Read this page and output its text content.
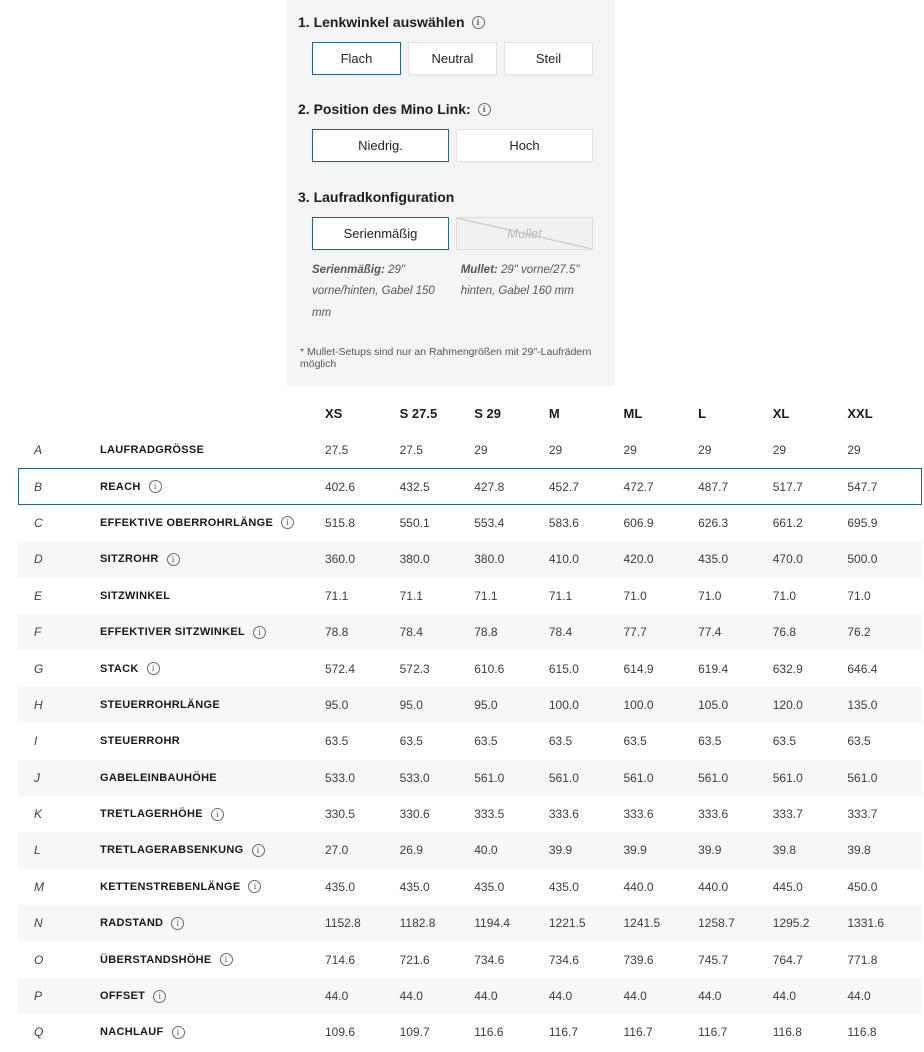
1. Lenkwinkel auswählen
i
Flach	Neutral	Steil
2. Position des Mino Link:
i
Niedrig.	Hoch
3. Laufradkonfiguration
Serienmäßig	Mullet
Serienmäßig: 29" vorne/hinten, Gabel 150 mm
Mullet: 29" vorne/27.5" hinten, Gabel 160 mm
* Mullet-Setups sind nur an Rahmengrößen mit 29"-Laufrädern möglich
XS	S 27.5	S 29	M	ML	L	XL	XXL
A	LAUFRADGRÖSSE	27.5	27.5	29	29	29	29	29	29
B	REACH i	402.6	432.5	427.8	452.7	472.7	487.7	517.7	547.7
C	EFFEKTIVE OBERROHRLÄNGE i	515.8	550.1	553.4	583.6	606.9	626.3	661.2	695.9
D	SITZROHR i	360.0	380.0	380.0	410.0	420.0	435.0	470.0	500.0
E	SITZWINKEL	71.1	71.1	71.1	71.1	71.0	71.0	71.0	71.0
F	EFFEKTIVER SITZWINKEL i	78.8	78.4	78.8	78.4	77.7	77.4	76.8	76.2
G	STACK i	572.4	572.3	610.6	615.0	614.9	619.4	632.9	646.4
H	STEUERROHRLÄNGE	95.0	95.0	95.0	100.0	100.0	105.0	120.0	135.0
I	STEUERROHR	63.5	63.5	63.5	63.5	63.5	63.5	63.5	63.5
J	GABELEINBAUHÖHE	533.0	533.0	561.0	561.0	561.0	561.0	561.0	561.0
K	TRETLAGERHÖHE i	330.5	330.6	333.5	333.6	333.6	333.6	333.7	333.7
L	TRETLAGERABSENKUNG i	27.0	26.9	40.0	39.9	39.9	39.9	39.8	39.8
M	KETTENSTREBENLÄNGE i	435.0	435.0	435.0	435.0	440.0	440.0	445.0	450.0
N	RADSTAND i	1152.8	1182.8	1194.4	1221.5	1241.5	1258.7	1295.2	1331.6
O	ÜBERSTANDSHÖHE i	714.6	721.6	734.6	734.6	739.6	745.7	764.7	771.8
P	OFFSET i	44.0	44.0	44.0	44.0	44.0	44.0	44.0	44.0
Q	NACHLAUF i	109.6	109.7	116.6	116.7	116.7	116.7	116.8	116.8
